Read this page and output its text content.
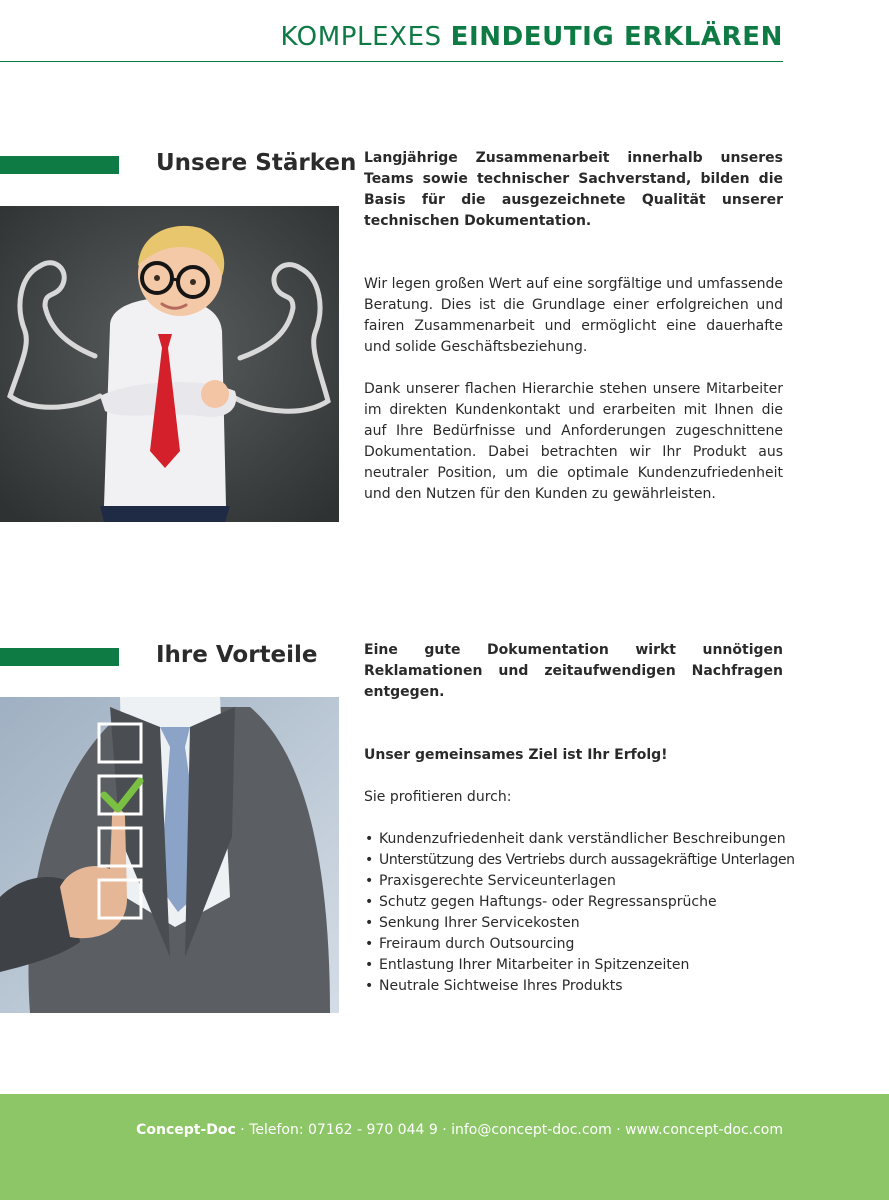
KOMPLEXES EINDEUTIG ERKLÄREN
Unsere Stärken Langjährige Zusammenarbeit innerhalb unseres Teams sowie technischer Sachverstand, bilden die Basis für die ausgezeichnete Qualität unserer technischen Dokumentation.

Wir legen großen Wert auf eine sorgfältige und umfassende Beratung. Dies ist die Grundlage einer erfolgreichen und fairen Zusammenarbeit und ermöglicht eine dauerhafte und solide Geschäftsbeziehung.

Dank unserer flachen Hierarchie stehen unsere Mitarbeiter im direkten Kundenkontakt und erarbeiten mit Ihnen die auf Ihre Bedürfnisse und Anforderungen zugeschnittene Dokumentation. Dabei betrachten wir Ihr Produkt aus neutraler Position, um die optimale Kundenzufriedenheit und den Nutzen für den Kunden zu gewährleisten.

Ihre Vorteile	Eine gute Dokumentation wirkt unnötigen Reklamationen und zeitaufwendigen Nachfragen entgegen.

Unser gemeinsames Ziel ist Ihr Erfolg!

Sie profitieren durch:

• Kundenzufriedenheit dank verständlicher Beschreibungen
• Unterstützung des Vertriebs durch aussagekräftige Unterlagen
• Praxisgerechte Serviceunterlagen
• Schutz gegen Haftungs- oder Regressansprüche
• Senkung Ihrer Servicekosten
• Freiraum durch Outsourcing
• Entlastung Ihrer Mitarbeiter in Spitzenzeiten
• Neutrale Sichtweise Ihres Produkts
Concept-Doc · Telefon: 07162 - 970 044 9 · info@concept-doc.com · www.concept-doc.com
